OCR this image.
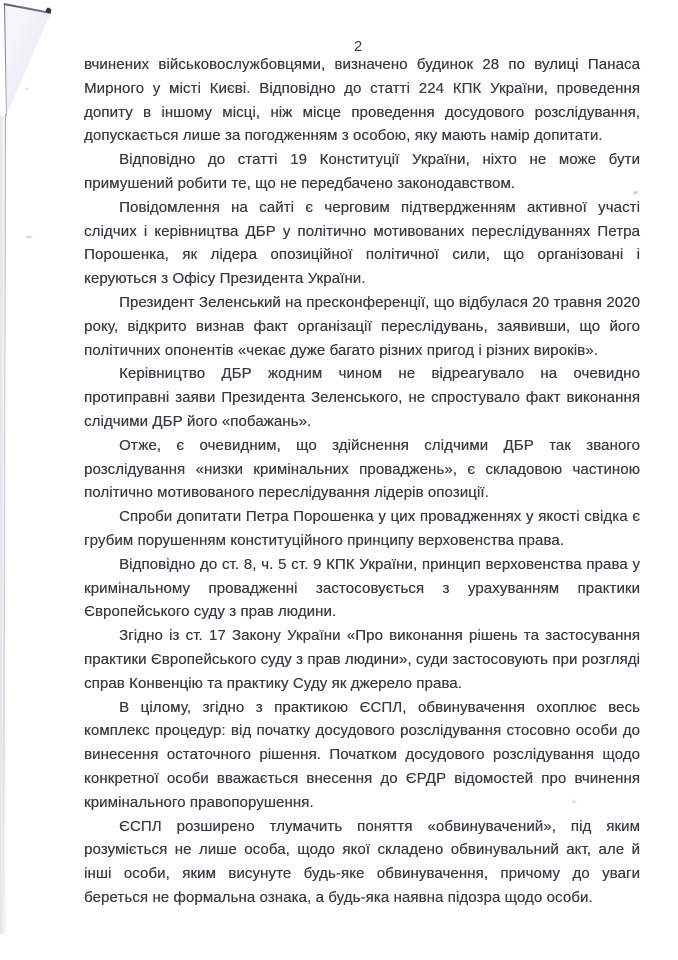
2

вчинених військовослужбовцями, визначено будинок 28 по вулиці Панаса Мирного у місті Києві. Відповідно до статті 224 КПК України, проведення допиту в іншому місці, ніж місце проведення досудового розслідування, допускається лише за погодженням з особою, яку мають намір допитати.

Відповідно до статті 19 Конституції України, ніхто не може бути примушений робити те, що не передбачено законодавством.

Повідомлення на сайті є черговим підтвердженням активної участі слідчих і керівництва ДБР у політично мотивованих переслідуваннях Петра Порошенка, як лідера опозиційної політичної сили, що організовані і керуються з Офісу Президента України.

Президент Зеленський на пресконференції, що відбулася 20 травня 2020 року, відкрито визнав факт організації переслідувань, заявивши, що його політичних опонентів «чекає дуже багато різних пригод і різних вироків».

Керівництво ДБР жодним чином не відреагувало на очевидно протиправні заяви Президента Зеленського, не спростувало факт виконання слідчими ДБР його «побажань».

Отже, є очевидним, що здійснення слідчими ДБР так званого розслідування «низки кримінальних проваджень», є складовою частиною політично мотивованого переслідування лідерів опозиції.

Спроби допитати Петра Порошенка у цих провадженнях у якості свідка є грубим порушенням конституційного принципу верховенства права.

Відповідно до ст. 8, ч. 5 ст. 9 КПК України, принцип верховенства права у кримінальному провадженні застосовується з урахуванням практики Європейського суду з прав людини.

Згідно із ст. 17 Закону України «Про виконання рішень та застосування практики Європейського суду з прав людини», суди застосовують при розгляді справ Конвенцію та практику Суду як джерело права.

В цілому, згідно з практикою ЄСПЛ, обвинувачення охоплює весь комплекс процедур: від початку досудового розслідування стосовно особи до винесення остаточного рішення. Початком досудового розслідування щодо конкретної особи вважається внесення до ЄРДР відомостей про вчинення кримінального правопорушення.

ЄСПЛ розширено тлумачить поняття «обвинувачений», під яким розуміється не лише особа, щодо якої складено обвинувальний акт, але й інші особи, яким висунуте будь-яке обвинувачення, причому до уваги береться не формальна ознака, а будь-яка наявна підозра щодо особи.
